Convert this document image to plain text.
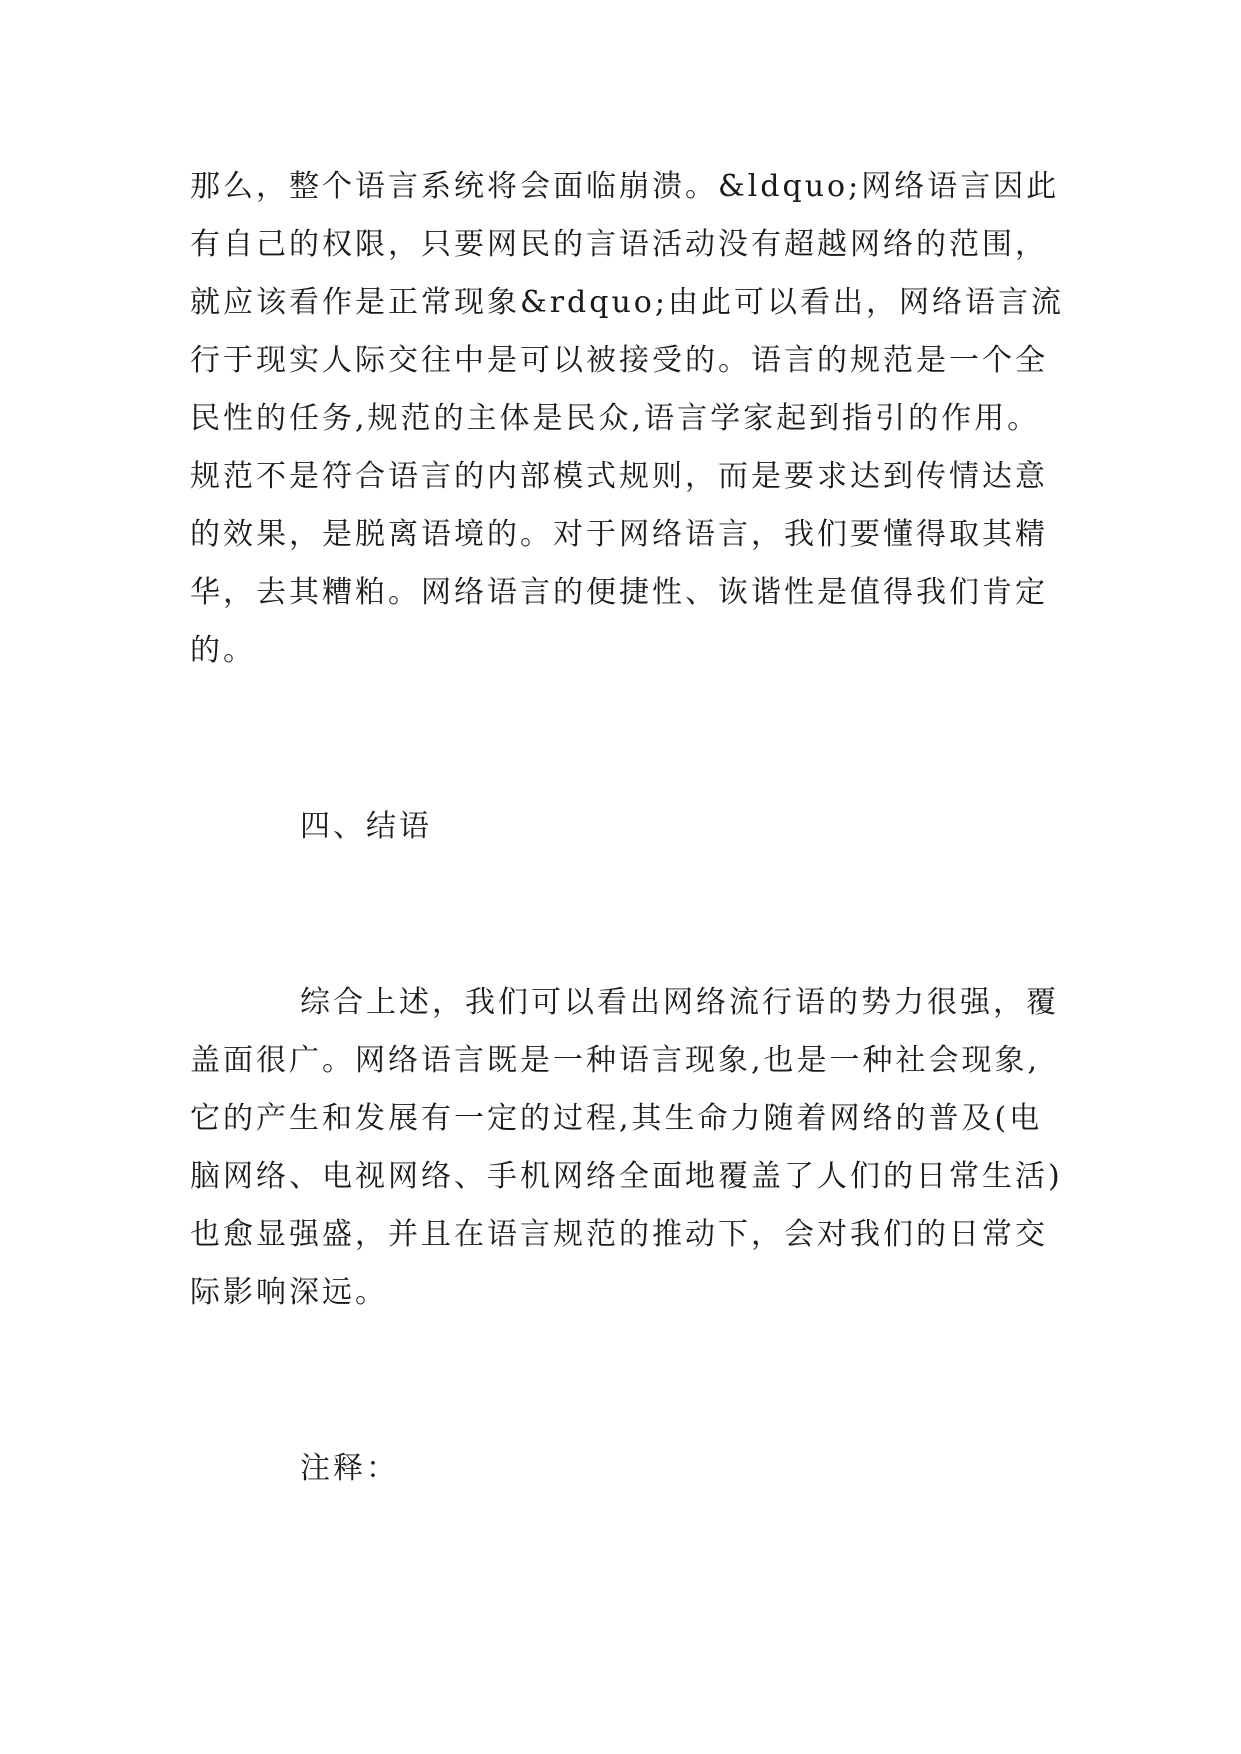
那么，整个语言系统将会面临崩溃。&ldquo;网络语言因此
有自己的权限，只要网民的言语活动没有超越网络的范围，
就应该看作是正常现象&rdquo;由此可以看出，网络语言流
行于现实人际交往中是可以被接受的。语言的规范是一个全
民性的任务,规范的主体是民众,语言学家起到指引的作用。
规范不是符合语言的内部模式规则，而是要求达到传情达意
的效果，是脱离语境的。对于网络语言，我们要懂得取其精
华，去其糟粕。网络语言的便捷性、诙谐性是值得我们肯定
的。
四、结语
综合上述，我们可以看出网络流行语的势力很强，覆
盖面很广。网络语言既是一种语言现象,也是一种社会现象,
它的产生和发展有一定的过程,其生命力随着网络的普及(电
脑网络、电视网络、手机网络全面地覆盖了人们的日常生活)
也愈显强盛，并且在语言规范的推动下，会对我们的日常交
际影响深远。
注释：
